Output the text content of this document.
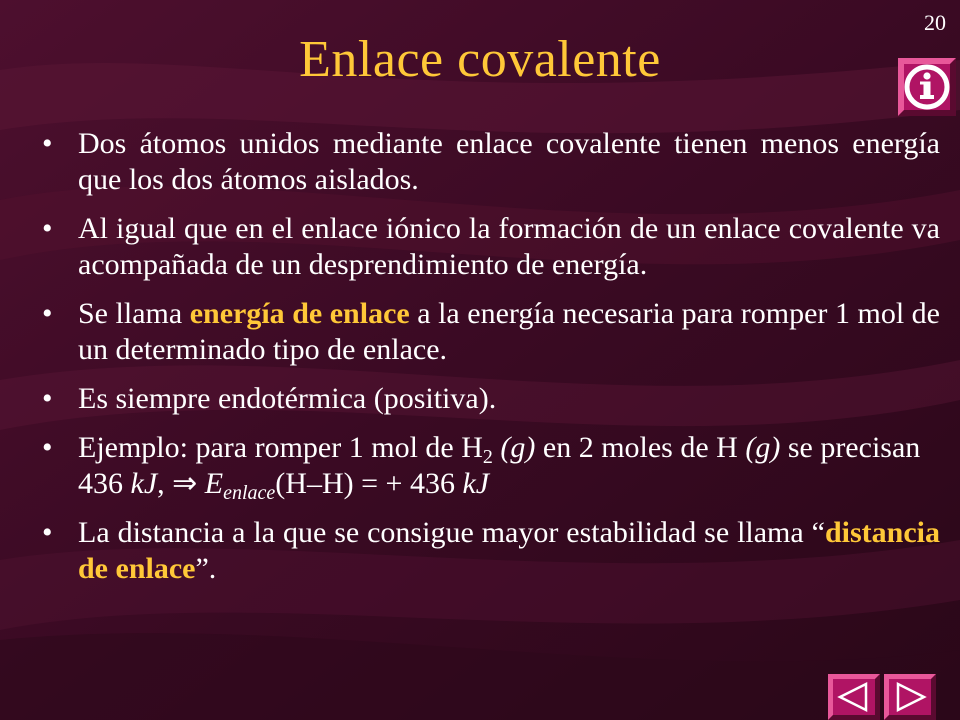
20
Enlace covalente
• Dos átomos unidos mediante enlace covalente tienen menos energía que los dos átomos aislados.
• Al igual que en el enlace iónico la formación de un enlace covalente va acompañada de un desprendimiento de energía.
• Se llama energía de enlace a la energía necesaria para romper 1 mol de un determinado tipo de enlace.
• Es siempre endotérmica (positiva).
• Ejemplo: para romper 1 mol de $H_2$ (g) en 2 moles de H (g) se precisan 436 kJ, ⇒ $E_{enlace}(H-H)$ = + 436 kJ
• La distancia a la que se consigue mayor estabilidad se llama “distancia de enlace”.
